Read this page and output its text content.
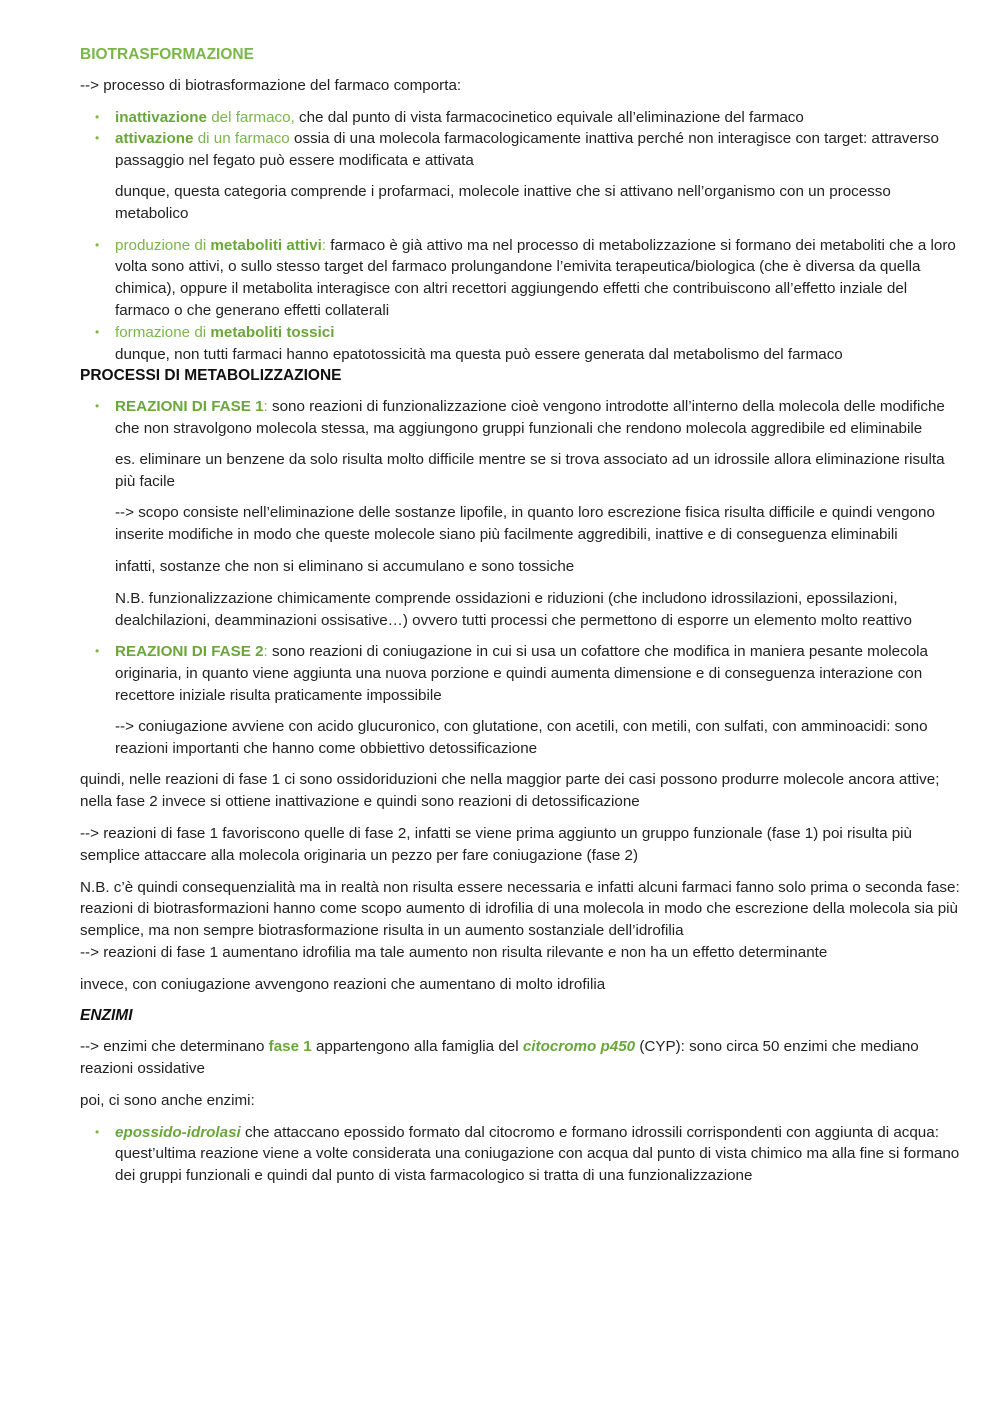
BIOTRASFORMAZIONE

--> processo di biotrasformazione del farmaco comporta:

• inattivazione del farmaco, che dal punto di vista farmacocinetico equivale all’eliminazione del farmaco
• attivazione di un farmaco ossia di una molecola farmacologicamente inattiva perché non interagisce con target: attraverso passaggio nel fegato può essere modificata e attivata

dunque, questa categoria comprende i profarmaci, molecole inattive che si attivano nell’organismo con un processo metabolico

• produzione di metaboliti attivi: farmaco è già attivo ma nel processo di metabolizzazione si formano dei metaboliti che a loro volta sono attivi, o sullo stesso target del farmaco prolungandone l’emivita terapeutica/biologica (che è diversa da quella chimica), oppure il metabolita interagisce con altri recettori aggiungendo effetti che contribuiscono all’effetto inziale del farmaco o che generano effetti collaterali
• formazione di metaboliti tossici
dunque, non tutti farmaci hanno epatotossicità ma questa può essere generata dal metabolismo del farmaco

PROCESSI DI METABOLIZZAZIONE

• REAZIONI DI FASE 1: sono reazioni di funzionalizzazione cioè vengono introdotte all’interno della molecola delle modifiche che non stravolgono molecola stessa, ma aggiungono gruppi funzionali che rendono molecola aggredibile ed eliminabile

es. eliminare un benzene da solo risulta molto difficile mentre se si trova associato ad un idrossile allora eliminazione risulta più facile

--> scopo consiste nell’eliminazione delle sostanze lipofile, in quanto loro escrezione fisica risulta difficile e quindi vengono inserite modifiche in modo che queste molecole siano più facilmente aggredibili, inattive e di conseguenza eliminabili

infatti, sostanze che non si eliminano si accumulano e sono tossiche

N.B. funzionalizzazione chimicamente comprende ossidazioni e riduzioni (che includono idrossilazioni, epossilazioni, dealchilazioni, deamminazioni ossisative…) ovvero tutti processi che permettono di esporre un elemento molto reattivo

• REAZIONI DI FASE 2: sono reazioni di coniugazione in cui si usa un cofattore che modifica in maniera pesante molecola originaria, in quanto viene aggiunta una nuova porzione e quindi aumenta dimensione e di conseguenza interazione con recettore iniziale risulta praticamente impossibile

--> coniugazione avviene con acido glucuronico, con glutatione, con acetili, con metili, con sulfati, con amminoacidi: sono reazioni importanti che hanno come obbiettivo detossificazione

quindi, nelle reazioni di fase 1 ci sono ossidoriduzioni che nella maggior parte dei casi possono produrre molecole ancora attive; nella fase 2 invece si ottiene inattivazione e quindi sono reazioni di detossificazione

--> reazioni di fase 1 favoriscono quelle di fase 2, infatti se viene prima aggiunto un gruppo funzionale (fase 1) poi risulta più semplice attaccare alla molecola originaria un pezzo per fare coniugazione (fase 2)

N.B. c’è quindi consequenzialità ma in realtà non risulta essere necessaria e infatti alcuni farmaci fanno solo prima o seconda fase: reazioni di biotrasformazioni hanno come scopo aumento di idrofilia di una molecola in modo che escrezione della molecola sia più semplice, ma non sempre biotrasformazione risulta in un aumento sostanziale dell’idrofilia

--> reazioni di fase 1 aumentano idrofilia ma tale aumento non risulta rilevante e non ha un effetto determinante

invece, con coniugazione avvengono reazioni che aumentano di molto idrofilia

ENZIMI

--> enzimi che determinano fase 1 appartengono alla famiglia del citocromo p450 (CYP): sono circa 50 enzimi che mediano reazioni ossidative

poi, ci sono anche enzimi:

• epossido-idrolasi che attaccano epossido formato dal citocromo e formano idrossili corrispondenti con aggiunta di acqua: quest’ultima reazione viene a volte considerata una coniugazione con acqua dal punto di vista chimico ma alla fine si formano dei gruppi funzionali e quindi dal punto di vista farmacologico si tratta di una funzionalizzazione
